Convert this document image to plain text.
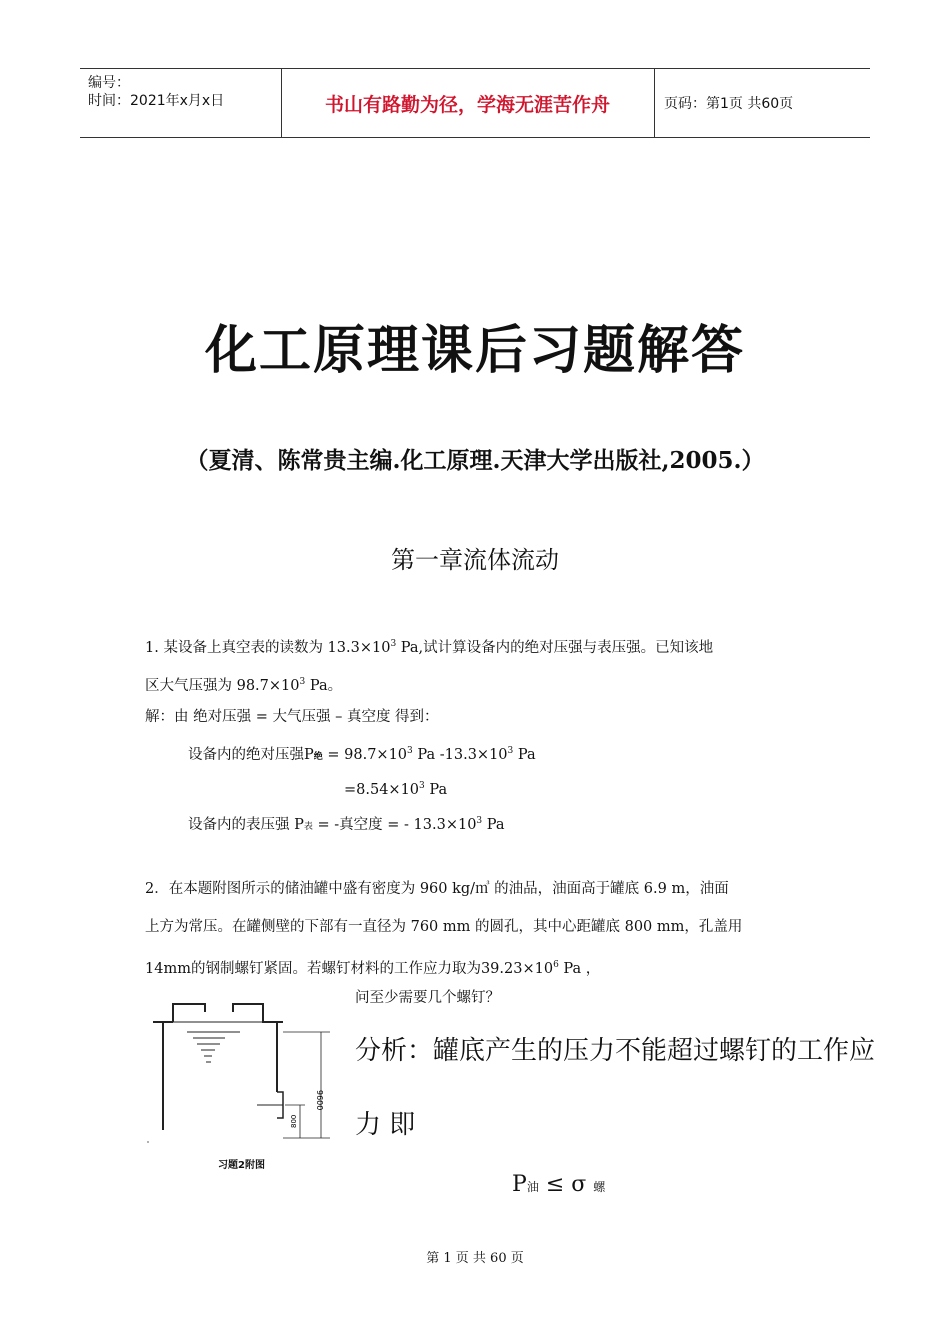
编号：
时间：2021年x月x日	书山有路勤为径，学海无涯苦作舟	页码：第1页 共60页
化工原理课后习题解答
（夏清、陈常贵主编.化工原理.天津大学出版社,2005.）
第一章流体流动
1. 某设备上真空表的读数为 $13.3\times 10^3$ Pa,试计算设备内的绝对压强与表压强。已知该地
区大气压强为 $98.7\times 10^3$ Pa。
解：由 绝对压强 = 大气压强 – 真空度 得到：
设备内的绝对压强P绝 = $98.7\times 10^3$ Pa $-13.3\times 10^3$ Pa
$=8.54\times 10^3$ Pa
设备内的表压强 P表 = -真空度 = - $13.3\times 10^3$ Pa
2．在本题附图所示的储油罐中盛有密度为 960 kg/㎥ 的油品，油面高于罐底 6.9 m，油面
上方为常压。在罐侧壁的下部有一直径为 760 mm 的圆孔，其中心距罐底 800 mm，孔盖用
14mm的钢制螺钉紧固。若螺钉材料的工作应力取为$39.23\times 10^6$ Pa ，
问至少需要几个螺钉？
9600
800
习题2附图
分析：罐底产生的压力不能超过螺钉的工作应
力 即
P油 ≤ σ 螺
第 1 页 共 60 页
